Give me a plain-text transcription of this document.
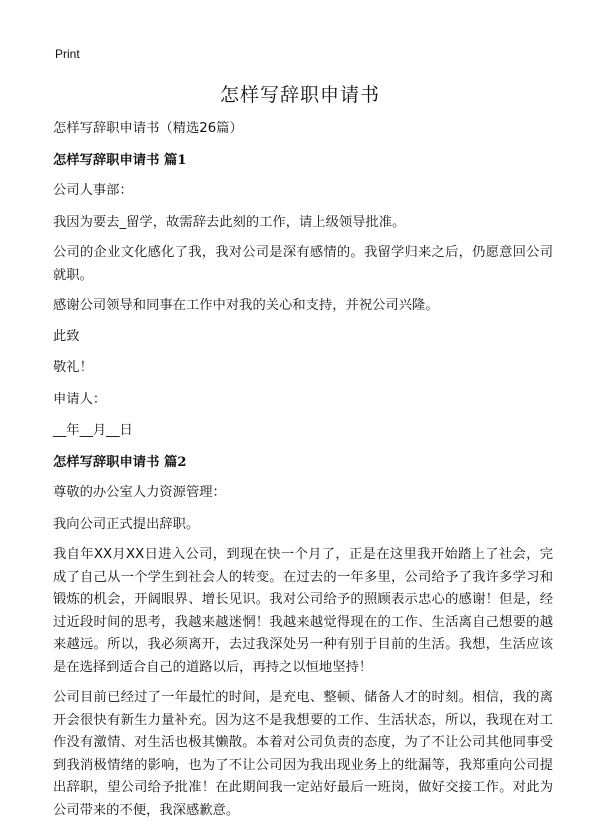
Print
怎样写辞职申请书

怎样写辞职申请书（精选26篇）

怎样写辞职申请书 篇1

公司人事部：

我因为要去_留学，故需辞去此刻的工作，请上级领导批准。

公司的企业文化感化了我，我对公司是深有感情的。我留学归来之后，仍愿意回公司就职。

感谢公司领导和同事在工作中对我的关心和支持，并祝公司兴隆。

此致

敬礼！

申请人：

__年__月__日

怎样写辞职申请书 篇2

尊敬的办公室人力资源管理：

我向公司正式提出辞职。

我自年XX月XX日进入公司，到现在快一个月了，正是在这里我开始踏上了社会，完成了自己从一个学生到社会人的转变。在过去的一年多里，公司给予了我许多学习和锻炼的机会，开阔眼界、增长见识。我对公司给予的照顾表示忠心的感谢！但是，经过近段时间的思考，我越来越迷惘！我越来越觉得现在的工作、生活离自己想要的越来越远。所以，我必须离开，去过我深处另一种有别于目前的生活。我想，生活应该是在选择到适合自己的道路以后，再持之以恒地坚持！

公司目前已经过了一年最忙的时间，是充电、整顿、储备人才的时刻。相信，我的离开会很快有新生力量补充。因为这不是我想要的工作、生活状态，所以，我现在对工作没有激情、对生活也极其懒散。本着对公司负责的态度，为了不让公司其他同事受到我消极情绪的影响，也为了不让公司因为我出现业务上的纰漏等，我郑重向公司提出辞职，望公司给予批准！在此期间我一定站好最后一班岗，做好交接工作。对此为公司带来的不便，我深感歉意。
